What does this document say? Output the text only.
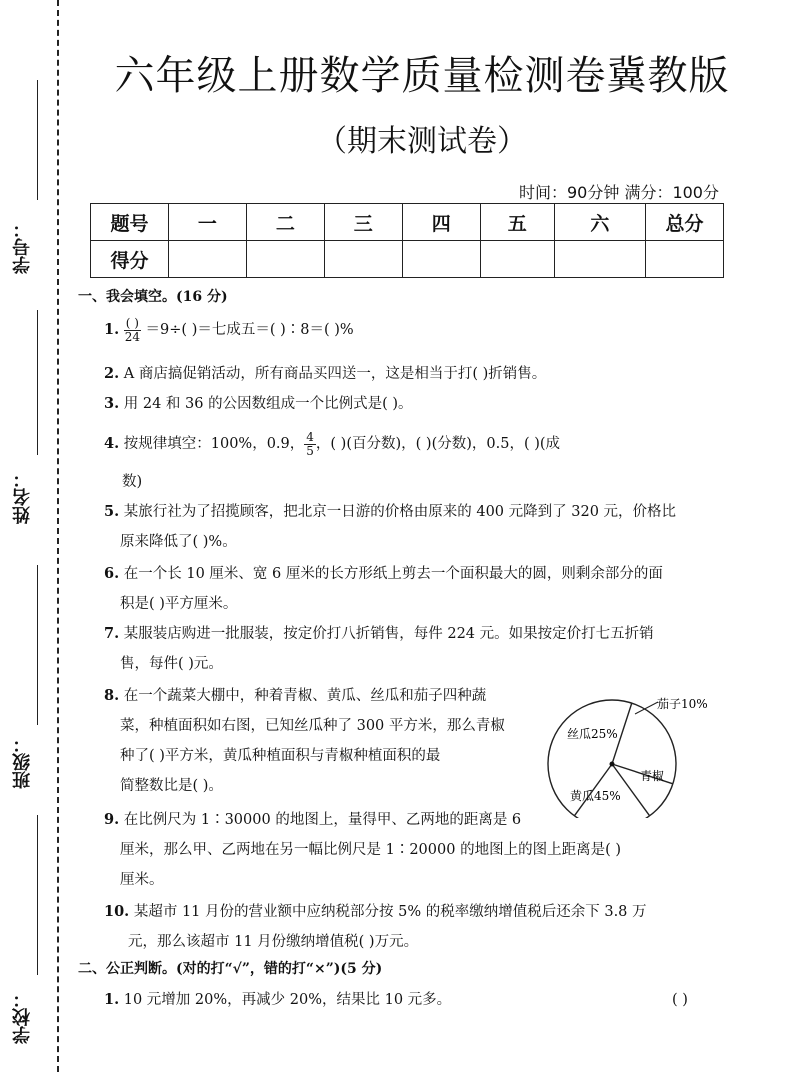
学号：
姓名：
班级：
学校：
六年级上册数学质量检测卷冀教版
（期末测试卷）
时间：90分钟 满分：100分
题号	一	二	三	四	五	六	总分
得分							
一、我会填空。(16 分)
1. $\frac{( )}{24} =9\div$( )＝七成五＝( )∶8＝( )%
2. A 商店搞促销活动，所有商品买四送一，这是相当于打( )折销售。
3. 用 24 和 36 的公因数组成一个比例式是( )。
4. 按规律填空：100%，0.9， $\frac{4}{5}$ ，( )(百分数)，( )(分数)，0.5，( )(成
数)
5. 某旅行社为了招揽顾客，把北京一日游的价格由原来的 400 元降到了 320 元，价格比
原来降低了( )%。
6. 在一个长 10 厘米、宽 6 厘米的长方形纸上剪去一个面积最大的圆，则剩余部分的面
积是( )平方厘米。
7. 某服装店购进一批服装，按定价打八折销售，每件 224 元。如果按定价打七五折销
售，每件( )元。
8. 在一个蔬菜大棚中，种着青椒、黄瓜、丝瓜和茄子四种蔬
菜，种植面积如右图，已知丝瓜种了 300 平方米，那么青椒
种了( )平方米，黄瓜种植面积与青椒种植面积的最
简整数比是( )。
茄子10%
丝瓜25%
青椒
黄瓜45%
9. 在比例尺为 1∶30000 的地图上，量得甲、乙两地的距离是 6
厘米，那么甲、乙两地在另一幅比例尺是 1∶20000 的地图上的图上距离是( )
厘米。
10. 某超市 11 月份的营业额中应纳税部分按 5% 的税率缴纳增值税后还余下 3.8 万
元，那么该超市 11 月份缴纳增值税( )万元。
二、公正判断。(对的打“√”，错的打“×”)(5 分)
1. 10 元增加 20%，再减少 20%，结果比 10 元多。	( )
